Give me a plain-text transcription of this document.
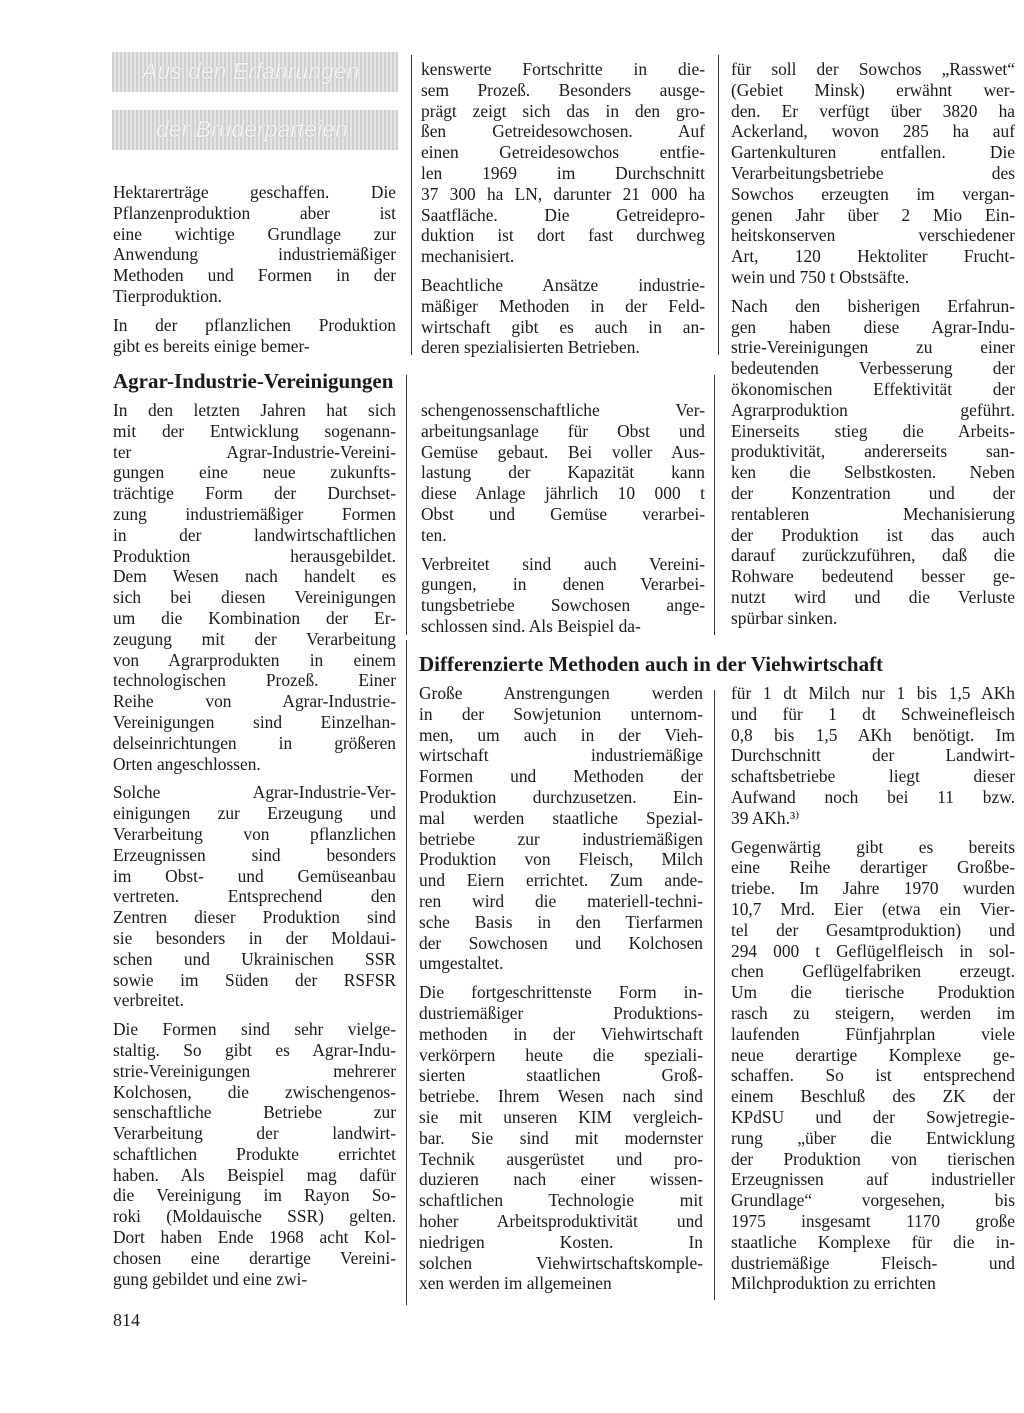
Aus den Erfahrungen
der Bruderparteien

Hektarerträge geschaffen. Die
Pflanzenproduktion aber ist
eine wichtige Grundlage zur
Anwendung industriemäßiger
Methoden und Formen in der
Tierproduktion.

In der pflanzlichen Produktion
gibt es bereits einige bemer-

kenswerte Fortschritte in die-
sem Prozeß. Besonders ausge-
prägt zeigt sich das in den gro-
ßen Getreidesowchosen. Auf
einen Getreidesowchos entfie-
len 1969 im Durchschnitt
37 300 ha LN, darunter 21 000 ha
Saatfläche. Die Getreidepro-
duktion ist dort fast durchweg
mechanisiert.

Beachtliche Ansätze industrie-
mäßiger Methoden in der Feld-
wirtschaft gibt es auch in an-
deren spezialisierten Betrieben.

für soll der Sowchos „Rasswet“
(Gebiet Minsk) erwähnt wer-
den. Er verfügt über 3820 ha
Ackerland, wovon 285 ha auf
Gartenkulturen entfallen. Die
Verarbeitungsbetriebe des
Sowchos erzeugten im vergan-
genen Jahr über 2 Mio Ein-
heitskonserven verschiedener
Art, 120 Hektoliter Frucht-
wein und 750 t Obstsäfte.

Nach den bisherigen Erfahrun-
gen haben diese Agrar-Indu-
strie-Vereinigungen zu einer
bedeutenden Verbesserung der
ökonomischen Effektivität der
Agrarproduktion geführt.
Einerseits stieg die Arbeits-
produktivität, andererseits san-
ken die Selbstkosten. Neben
der Konzentration und der
rentableren Mechanisierung
der Produktion ist das auch
darauf zurückzuführen, daß die
Rohware bedeutend besser ge-
nutzt wird und die Verluste
spürbar sinken.

Agrar-Industrie-Vereinigungen

In den letzten Jahren hat sich
mit der Entwicklung sogenann-
ter Agrar-Industrie-Vereini-
gungen eine neue zukunfts-
trächtige Form der Durchset-
zung industriemäßiger Formen
in der landwirtschaftlichen
Produktion herausgebildet.
Dem Wesen nach handelt es
sich bei diesen Vereinigungen
um die Kombination der Er-
zeugung mit der Verarbeitung
von Agrarprodukten in einem
technologischen Prozeß. Einer
Reihe von Agrar-Industrie-
Vereinigungen sind Einzelhan-
delseinrichtungen in größeren
Orten angeschlossen.

Solche Agrar-Industrie-Ver-
einigungen zur Erzeugung und
Verarbeitung von pflanzlichen
Erzeugnissen sind besonders
im Obst- und Gemüseanbau
vertreten. Entsprechend den
Zentren dieser Produktion sind
sie besonders in der Moldaui-
schen und Ukrainischen SSR
sowie im Süden der RSFSR
verbreitet.

Die Formen sind sehr vielge-
staltig. So gibt es Agrar-Indu-
strie-Vereinigungen mehrerer
Kolchosen, die zwischengenos-
senschaftliche Betriebe zur
Verarbeitung der landwirt-
schaftlichen Produkte errichtet
haben. Als Beispiel mag dafür
die Vereinigung im Rayon So-
roki (Moldauische SSR) gelten.
Dort haben Ende 1968 acht Kol-
chosen eine derartige Vereini-
gung gebildet und eine zwi-

schengenossenschaftliche Ver-
arbeitungsanlage für Obst und
Gemüse gebaut. Bei voller Aus-
lastung der Kapazität kann
diese Anlage jährlich 10 000 t
Obst und Gemüse verarbei-
ten.

Verbreitet sind auch Vereini-
gungen, in denen Verarbei-
tungsbetriebe Sowchosen ange-
schlossen sind. Als Beispiel da-

Differenzierte Methoden auch in der Viehwirtschaft

Große Anstrengungen werden
in der Sowjetunion unternom-
men, um auch in der Vieh-
wirtschaft industriemäßige
Formen und Methoden der
Produktion durchzusetzen. Ein-
mal werden staatliche Spezial-
betriebe zur industriemäßigen
Produktion von Fleisch, Milch
und Eiern errichtet. Zum ande-
ren wird die materiell-techni-
sche Basis in den Tierfarmen
der Sowchosen und Kolchosen
umgestaltet.

Die fortgeschrittenste Form in-
dustriemäßiger Produktions-
methoden in der Viehwirtschaft
verkörpern heute die speziali-
sierten staatlichen Groß-
betriebe. Ihrem Wesen nach sind
sie mit unseren KIM vergleich-
bar. Sie sind mit modernster
Technik ausgerüstet und pro-
duzieren nach einer wissen-
schaftlichen Technologie mit
hoher Arbeitsproduktivität und
niedrigen Kosten. In
solchen Viehwirtschaftskomple-
xen werden im allgemeinen

für 1 dt Milch nur 1 bis 1,5 AKh
und für 1 dt Schweinefleisch
0,8 bis 1,5 AKh benötigt. Im
Durchschnitt der Landwirt-
schaftsbetriebe liegt dieser
Aufwand noch bei 11 bzw.
39 AKh.³⁾

Gegenwärtig gibt es bereits
eine Reihe derartiger Großbe-
triebe. Im Jahre 1970 wurden
10,7 Mrd. Eier (etwa ein Vier-
tel der Gesamtproduktion) und
294 000 t Geflügelfleisch in sol-
chen Geflügelfabriken erzeugt.
Um die tierische Produktion
rasch zu steigern, werden im
laufenden Fünfjahrplan viele
neue derartige Komplexe ge-
schaffen. So ist entsprechend
einem Beschluß des ZK der
KPdSU und der Sowjetregie-
rung „über die Entwicklung
der Produktion von tierischen
Erzeugnissen auf industrieller
Grundlage“ vorgesehen, bis
1975 insgesamt 1170 große
staatliche Komplexe für die in-
dustriemäßige Fleisch- und
Milchproduktion zu errichten

814
